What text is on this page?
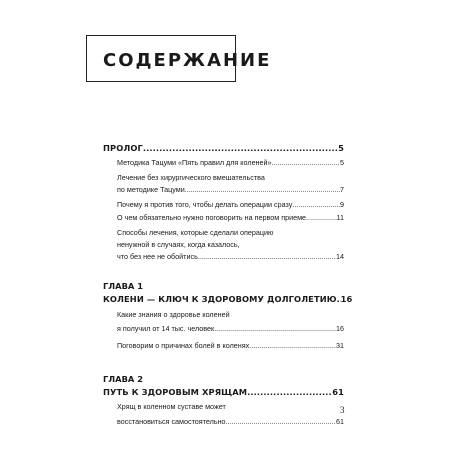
СОДЕРЖАНИЕ
ПРОЛОГ .....	5
Методика Тацуми «Пять правил для коленей» .....	5
Лечение без хирургического вмешательства
по методике Тацуми .....	7
Почему я против того, чтобы делать операции сразу .....	9
О чем обязательно нужно поговорить на первом приеме .....	11
Способы лечения, которые сделали операцию
ненужной в случаях, когда казалось,
что без нее не обойтись .....	14
ГЛАВА 1
КОЛЕНИ — КЛЮЧ К ЗДОРОВОМУ ДОЛГОЛЕТИЮ ..... 16
Какие знания о здоровье коленей
я получил от 14 тыс. человек .....	16
Поговорим о причинах болей в коленях .....	31
ГЛАВА 2
ПУТЬ К ЗДОРОВЫМ ХРЯЩАМ .....	61
Хрящ в коленном суставе может
восстановиться самостоятельно .....	61
3
